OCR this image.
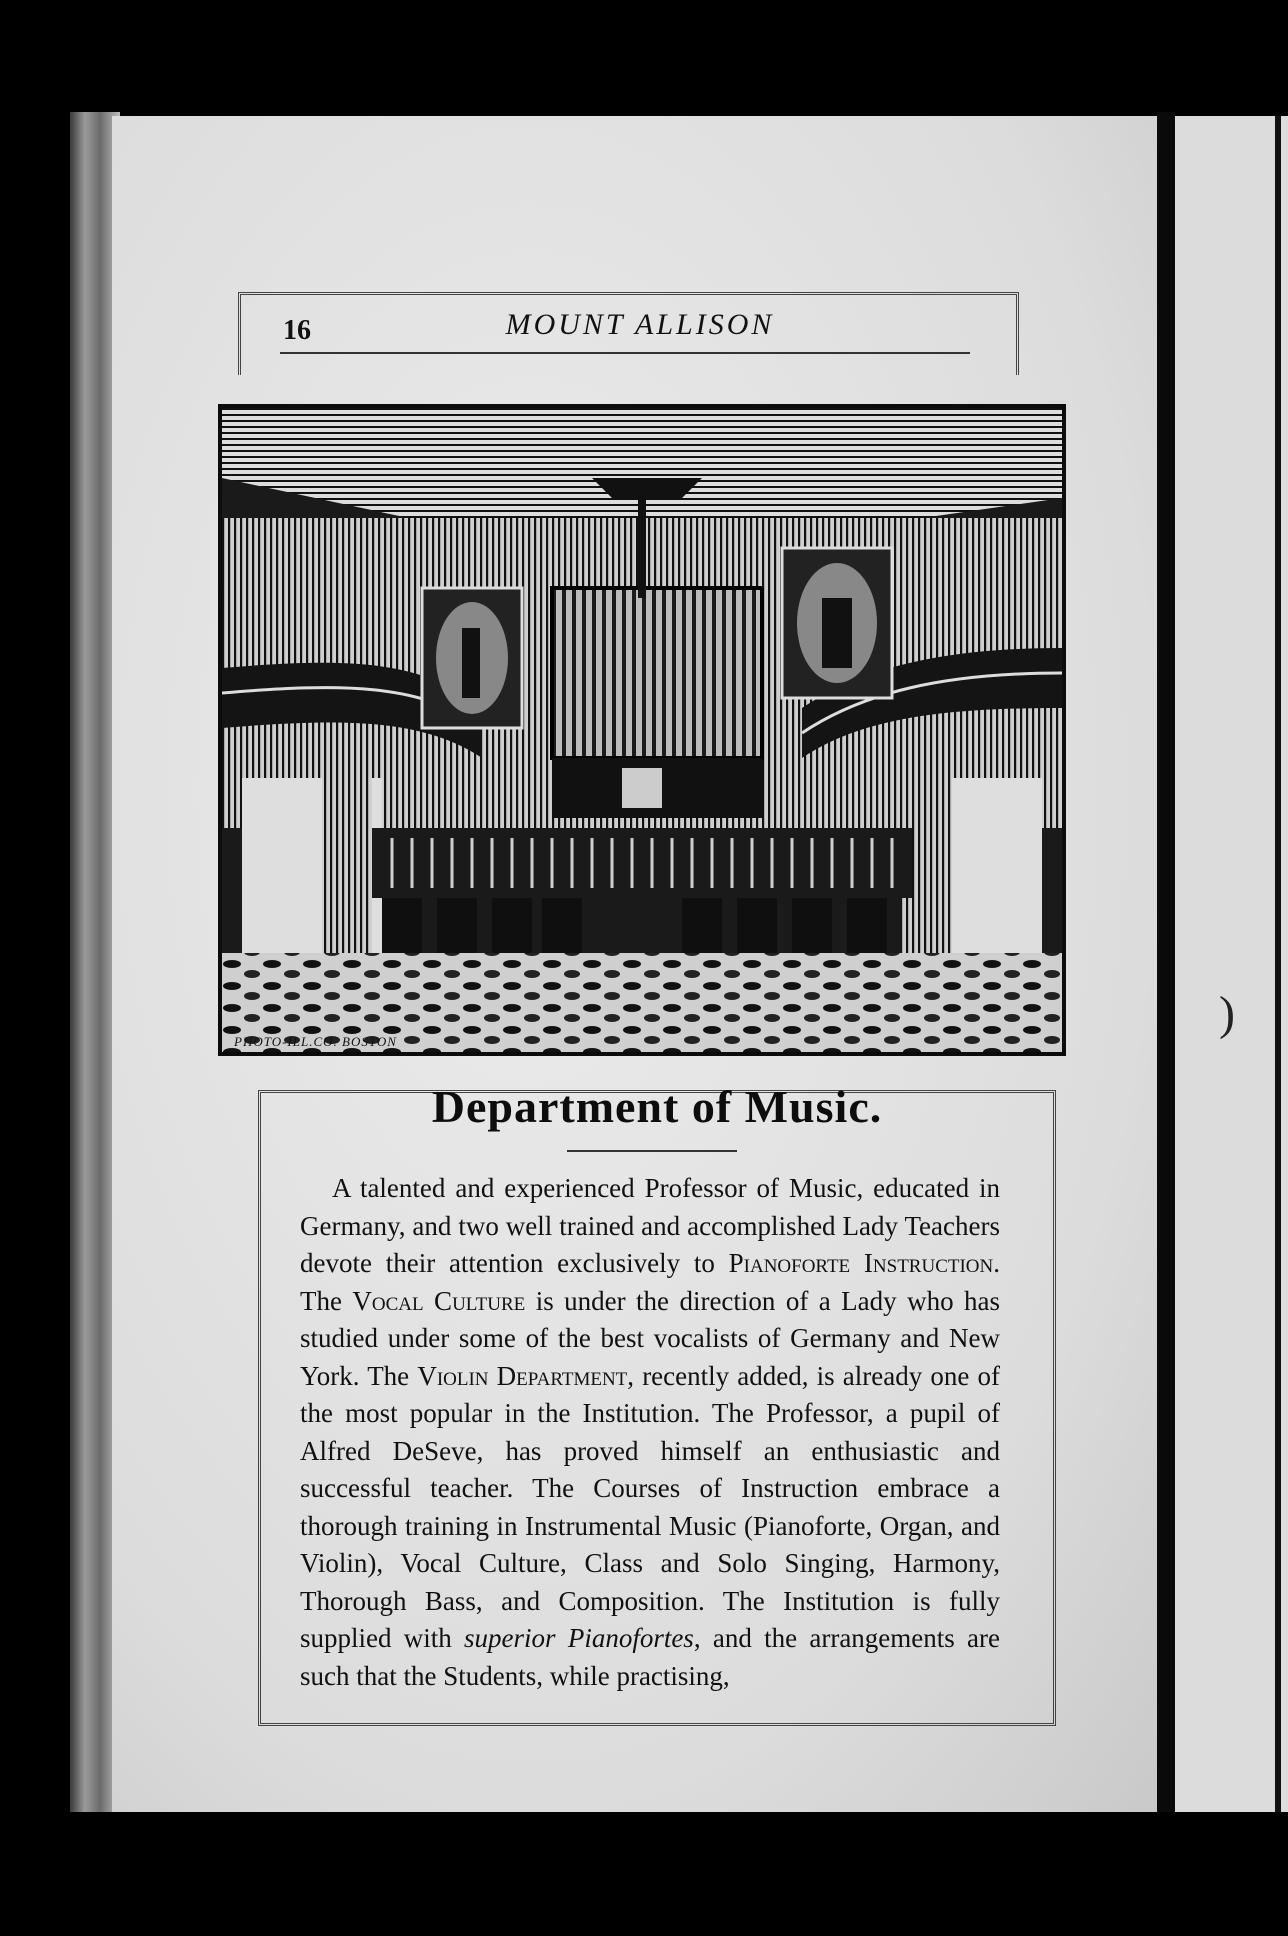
)
16	MOUNT ALLISON
PHOTO-ILL.CO. BOSTON
Department of Music.

A talented and experienced Professor of Music, educated in Germany, and two well trained and accomplished Lady Teachers devote their attention exclusively to Pianoforte Instruction. The Vocal Culture is under the direction of a Lady who has studied under some of the best vocalists of Germany and New York. The Violin Department, recently added, is already one of the most popular in the Institution. The Professor, a pupil of Alfred DeSeve, has proved himself an enthusiastic and successful teacher. The Courses of Instruction embrace a thorough training in Instrumental Music (Pianoforte, Organ, and Violin), Vocal Culture, Class and Solo Singing, Harmony, Thorough Bass, and Composition. The Institution is fully supplied with superior Pianofortes, and the arrangements are such that the Students, while practising,
